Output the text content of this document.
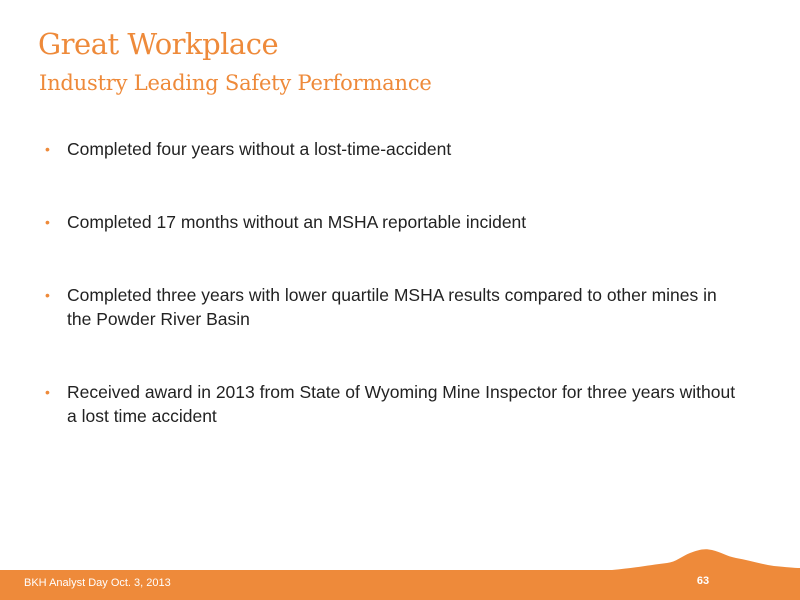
Great Workplace
Industry Leading Safety Performance
• Completed four years without a lost-time-accident
• Completed 17 months without an MSHA reportable incident
• Completed three years with lower quartile MSHA results compared to other mines in the Powder River Basin
• Received award in 2013 from State of Wyoming Mine Inspector for three years without a lost time accident
BKH Analyst Day Oct. 3, 2013	63
